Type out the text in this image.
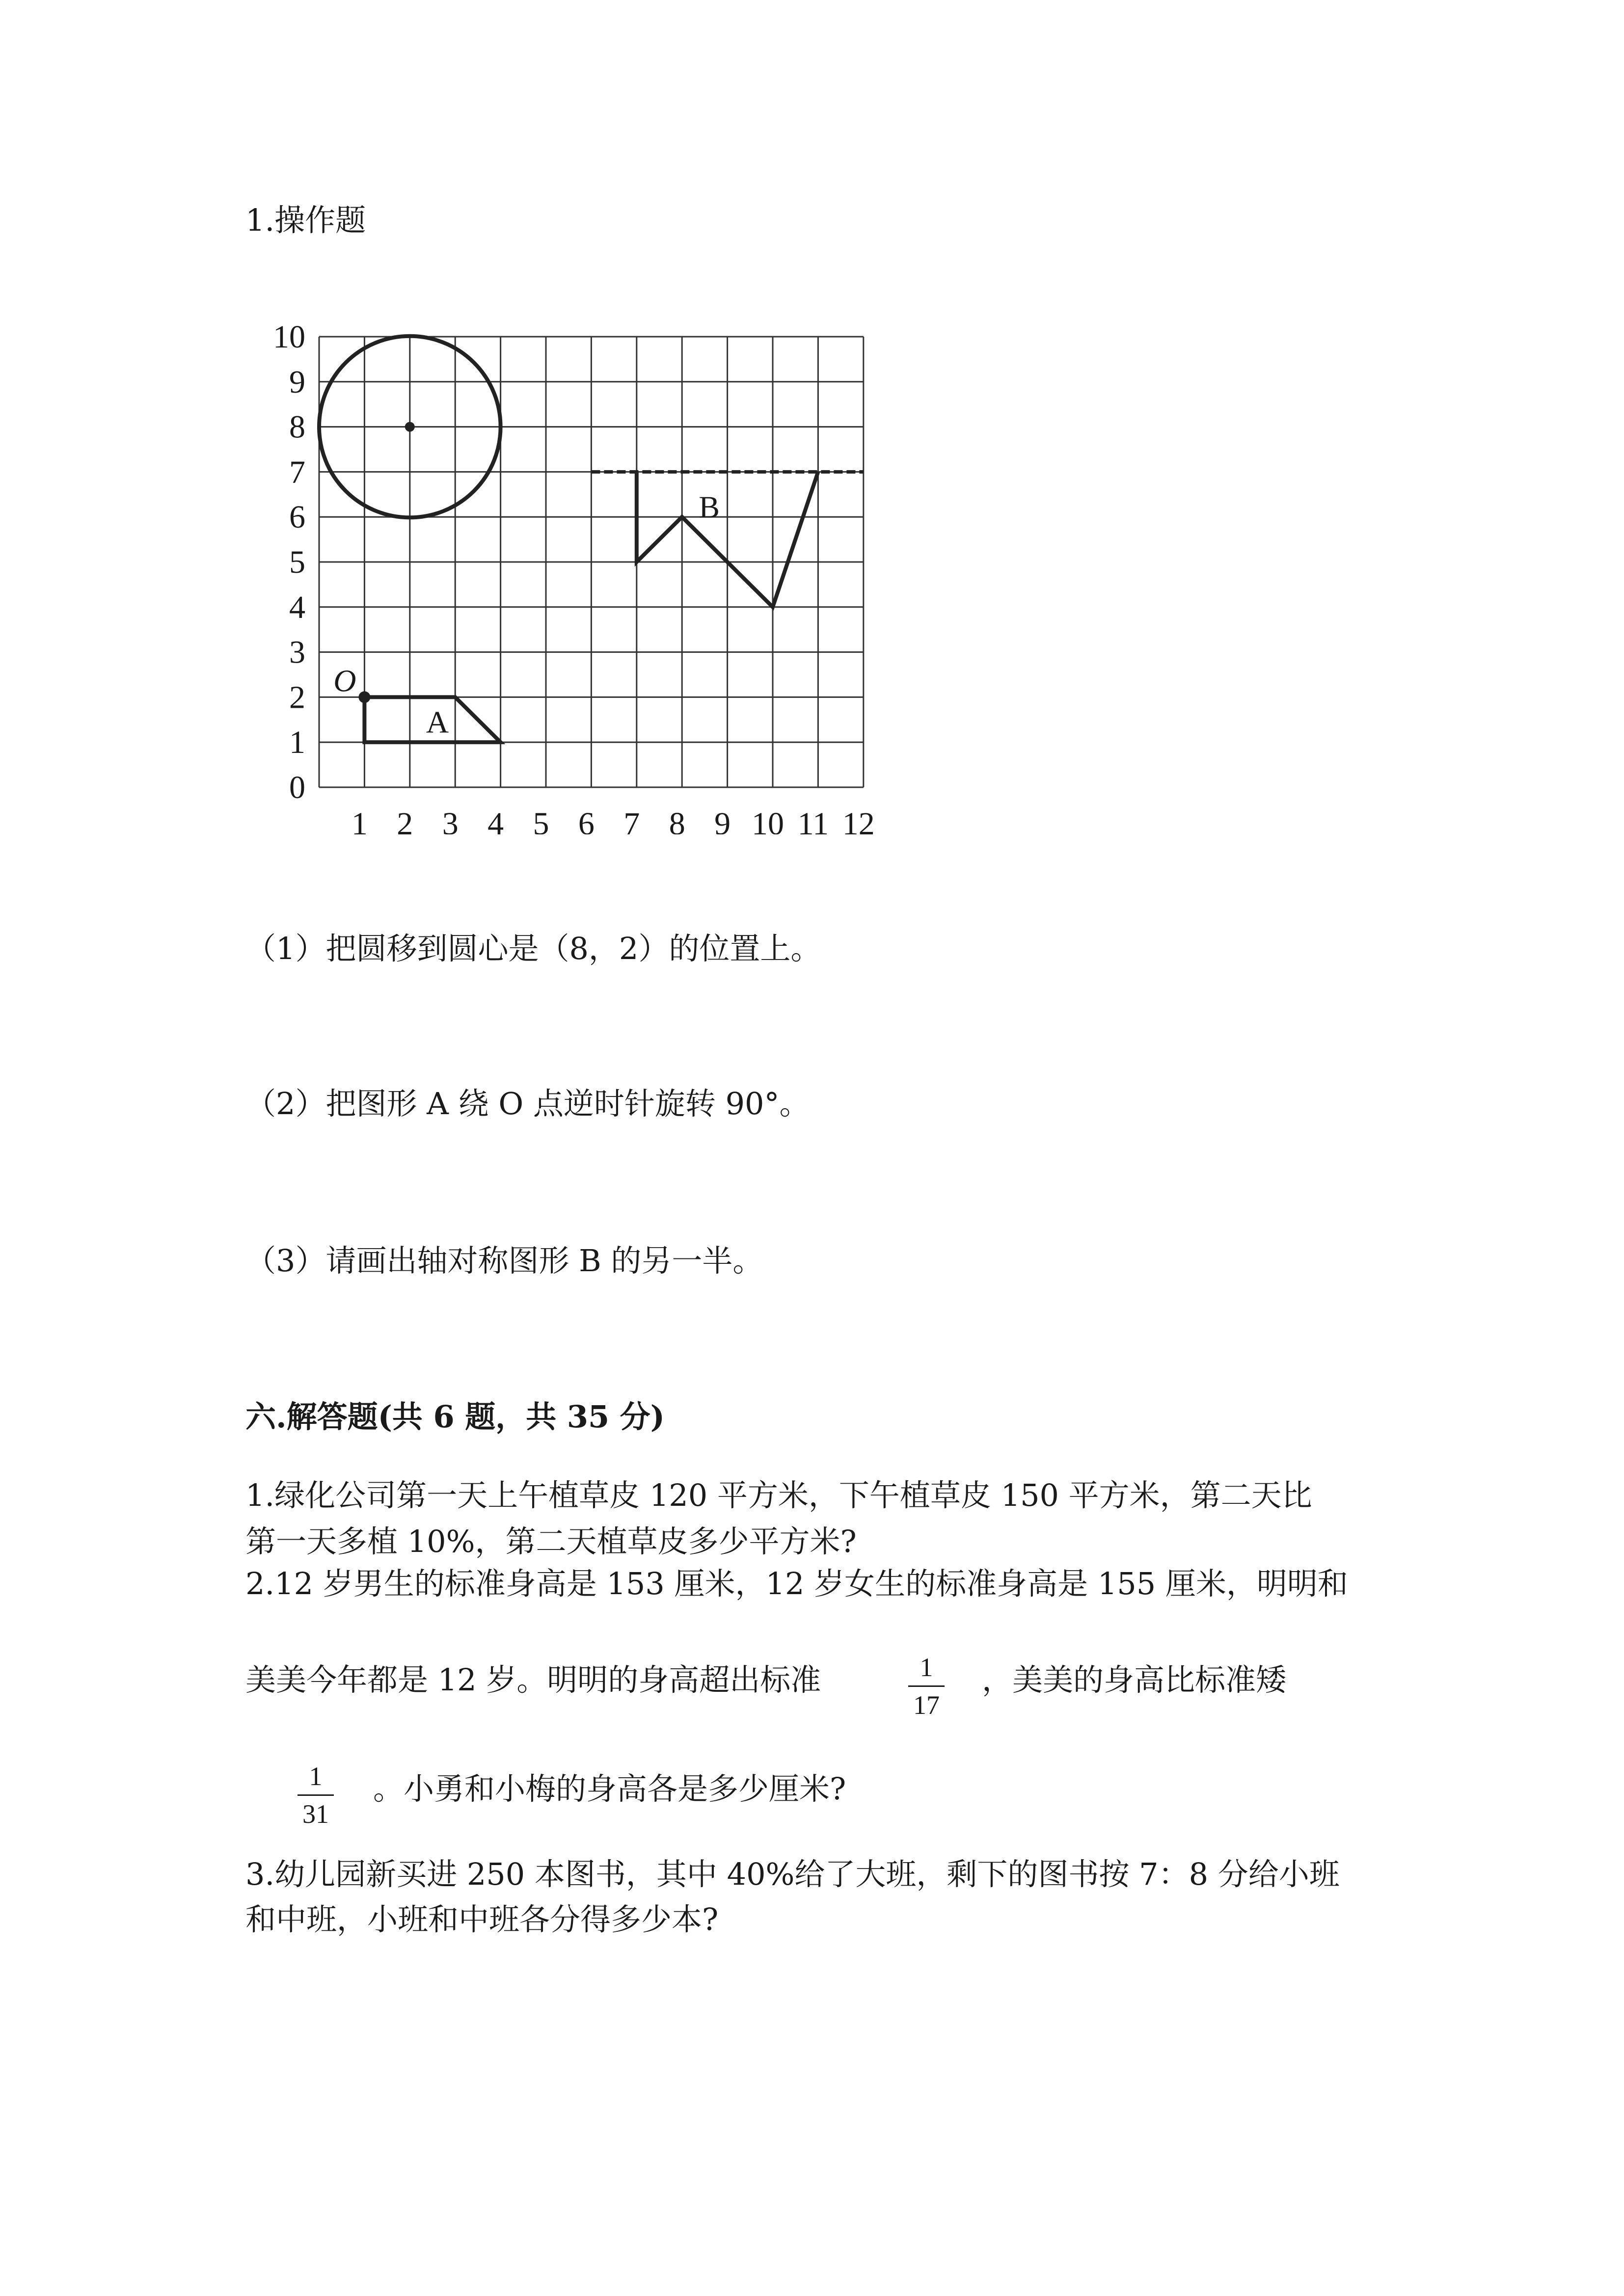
1.操作题
1 2 3 4 5 6 7 8 9 10 11 12
0
1
2
3
4
5
6
7
8
9
10
A
O
B
（1）把圆移到圆心是（8，2）的位置上。
（2）把图形 A 绕 O 点逆时针旋转 90°。
（3）请画出轴对称图形 B 的另一半。
六.解答题(共 6 题，共 35 分)
1.绿化公司第一天上午植草皮 120 平方米，下午植草皮 150 平方米，第二天比
第一天多植 10%，第二天植草皮多少平方米?
2.12 岁男生的标准身高是 153 厘米，12 岁女生的标准身高是 155 厘米，明明和
美美今年都是 12 岁。明明的身高超出标准	1
17
，美美的身高比标准矮
1
31
。小勇和小梅的身高各是多少厘米?
3.幼儿园新买进 250 本图书，其中 40%给了大班，剩下的图书按 7：8 分给小班
和中班，小班和中班各分得多少本?
